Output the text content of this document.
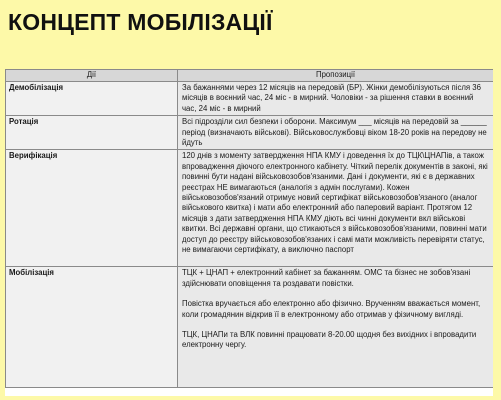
КОНЦЕПТ МОБІЛІЗАЦІЇ
Дії	Пропозиції
Демобілізація	За бажаннями через 12 місяців на передовій (БР). Жінки демобілізуються після 36 місяців в воєнний час, 24 міс - в мирний. Чоловіки - за рішення ставки в воєнний час, 24 міс - в мирний

Ротація	Всі підрозділи сил безпеки і оборони. Максимум ___ місяців на передовій за ______ період (визначають військові). Військовослужбовці віком 18-20 років на передову не йдуть

Верифікація	120 днів з моменту затвердження НПА КМУ і доведення їх до ТЦК\ЦНАПів, а також впровадження діючого електронного кабінету. Чіткий перелік документів в законі, які повинні бути надані військовозобов'язаними. Дані і документи, які є в державних реєстрах НЕ вимагаються (аналогія з адмін послугами). Кожен військовозобов'язаний отримує новий сертифікат військовозобов'язаного (аналог військового квитка) і мати або електронний або паперовий варіант. Протягом 12 місяців з дати затвердження НПА КМУ діють всі чинні документи вкл військові квитки. Всі державні органи, що стикаються з військовозобов'язаними, повинні мати доступ до реєстру військовозобов'язаних і самі мати можливість перевіряти статус, не вимагаючи сертифікату, а виключно паспорт

Мобілізація	ТЦК + ЦНАП + електронний кабінет за бажанням. ОМС та бізнес не зобов'язані здійснювати оповіщення та роздавати повістки.

Повістка вручається або електронно або фізично. Врученням вважається момент, коли громадянин відкрив її в електронному або отримав у фізичному вигляді.

ТЦК, ЦНАПи та ВЛК повинні працювати 8-20.00 щодня без вихідних і впровадити електронну чергу.
